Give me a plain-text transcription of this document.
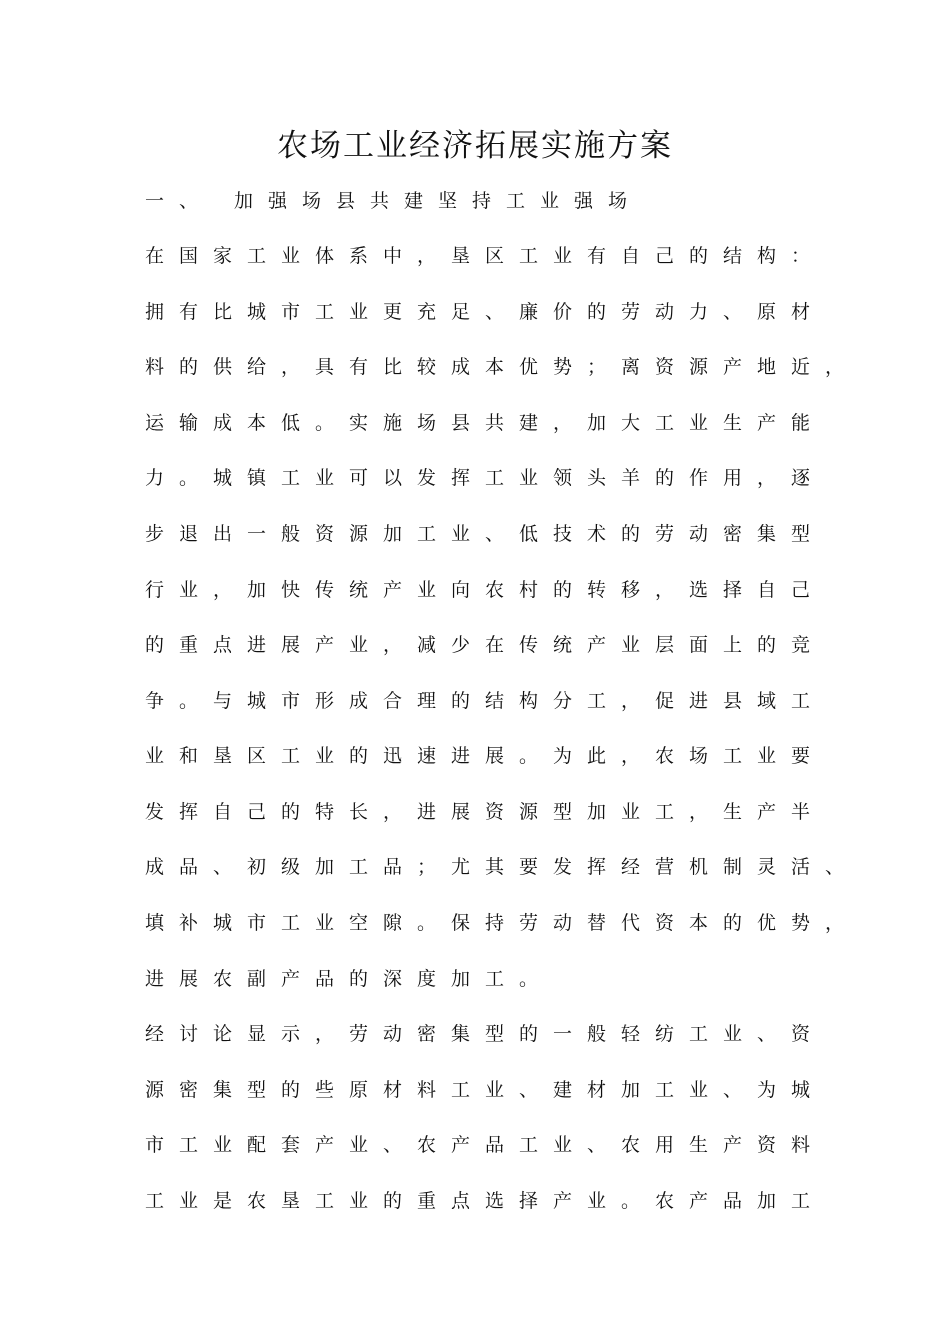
农场工业经济拓展实施方案
一、 加强场县共建坚持工业强场
在国家工业体系中，垦区工业有自己的结构：
拥有比城市工业更充足、廉价的劳动力、原材
料的供给，具有比较成本优势；离资源产地近，
运输成本低。实施场县共建，加大工业生产能
力。城镇工业可以发挥工业领头羊的作用，逐
步退出一般资源加工业、低技术的劳动密集型
行业，加快传统产业向农村的转移，选择自己
的重点进展产业，减少在传统产业层面上的竞
争。与城市形成合理的结构分工，促进县域工
业和垦区工业的迅速进展。为此，农场工业要
发挥自己的特长，进展资源型加业工，生产半
成品、初级加工品；尤其要发挥经营机制灵活、
填补城市工业空隙。保持劳动替代资本的优势，
进展农副产品的深度加工。
经讨论显示，劳动密集型的一般轻纺工业、资
源密集型的些原材料工业、建材加工业、为城
市工业配套产业、农产品工业、农用生产资料
工业是农垦工业的重点选择产业。农产品加工
